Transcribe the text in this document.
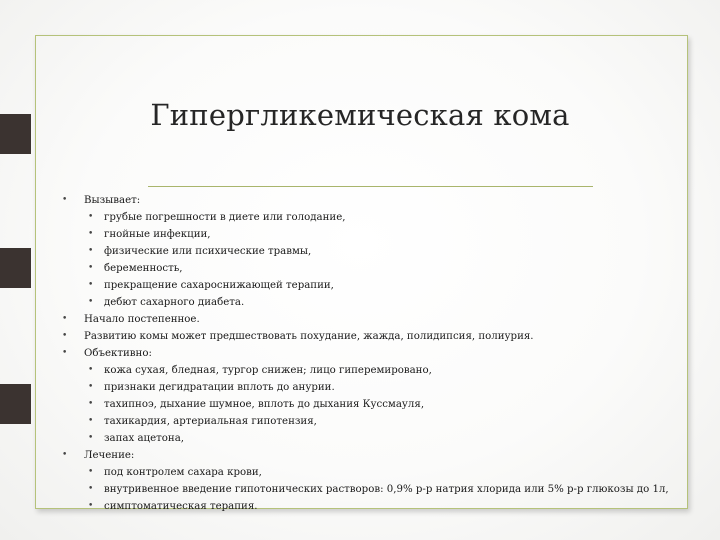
Гипергликемическая кома
• Вызывает:
• грубые погрешности в диете или голодание,
• гнойные инфекции,
• физические или психические травмы,
• беременность,
• прекращение сахароснижающей терапии,
• дебют сахарного диабета.
• Начало постепенное.
• Развитию комы может предшествовать похудание, жажда, полидипсия, полиурия.
• Объективно:
• кожа сухая, бледная, тургор снижен; лицо гиперемировано,
• признаки дегидратации вплоть до анурии.
• тахипноэ, дыхание шумное, вплоть до дыхания Куссмауля,
• тахикардия, артериальная гипотензия,
• запах ацетона,
• Лечение:
• под контролем сахара крови,
• внутривенное введение гипотонических растворов: 0,9% р-р натрия хлорида или 5% р-р глюкозы до 1л,
• симптоматическая терапия.
